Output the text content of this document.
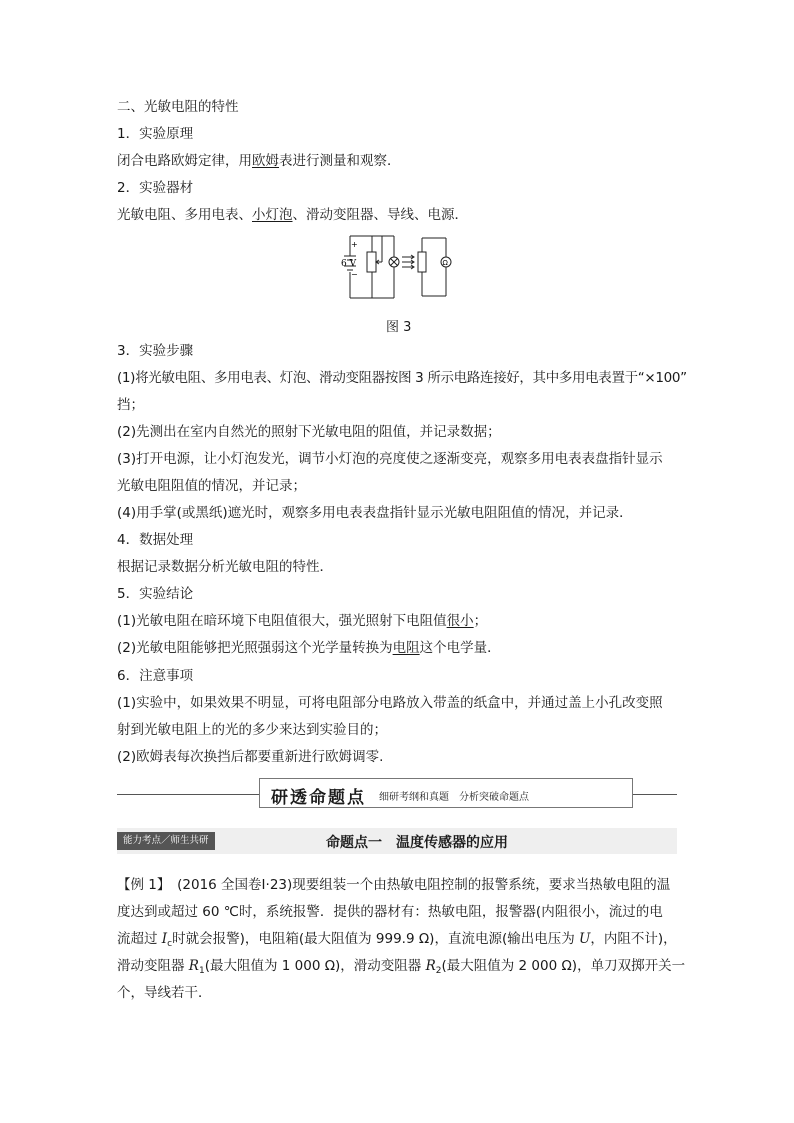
二、光敏电阻的特性
1．实验原理
闭合电路欧姆定律，用欧姆表进行测量和观察．
2．实验器材
光敏电阻、多用电表、小灯泡、滑动变阻器、导线、电源．
+
6 V
−
Ω
图 3
3．实验步骤
(1)将光敏电阻、多用电表、灯泡、滑动变阻器按图 3 所示电路连接好，其中多用电表置于“×100”
挡；
(2)先测出在室内自然光的照射下光敏电阻的阻值，并记录数据；
(3)打开电源，让小灯泡发光，调节小灯泡的亮度使之逐渐变亮，观察多用电表表盘指针显示
光敏电阻阻值的情况，并记录；
(4)用手掌(或黑纸)遮光时，观察多用电表表盘指针显示光敏电阻阻值的情况，并记录．
4．数据处理
根据记录数据分析光敏电阻的特性．
5．实验结论
(1)光敏电阻在暗环境下电阻值很大，强光照射下电阻值很小；
(2)光敏电阻能够把光照强弱这个光学量转换为电阻这个电学量．
6．注意事项
(1)实验中，如果效果不明显，可将电阻部分电路放入带盖的纸盒中，并通过盖上小孔改变照
射到光敏电阻上的光的多少来达到实验目的；
(2)欧姆表每次换挡后都要重新进行欧姆调零.
研透命题点 细研考纲和真题　分析突破命题点
能力考点／师生共研	命题点一　温度传感器的应用
【例 1】　(2016 全国卷Ⅰ·23)现要组装一个由热敏电阻控制的报警系统，要求当热敏电阻的温
度达到或超过 60 ℃时，系统报警．提供的器材有：热敏电阻，报警器(内阻很小，流过的电
流超过 $I_c$时就会报警)，电阻箱(最大阻值为 999.9 Ω)，直流电源(输出电压为 U，内阻不计)，
滑动变阻器 $R_1$(最大阻值为 1 000 Ω)，滑动变阻器 $R_2$(最大阻值为 2 000 Ω)，单刀双掷开关一
个，导线若干．
